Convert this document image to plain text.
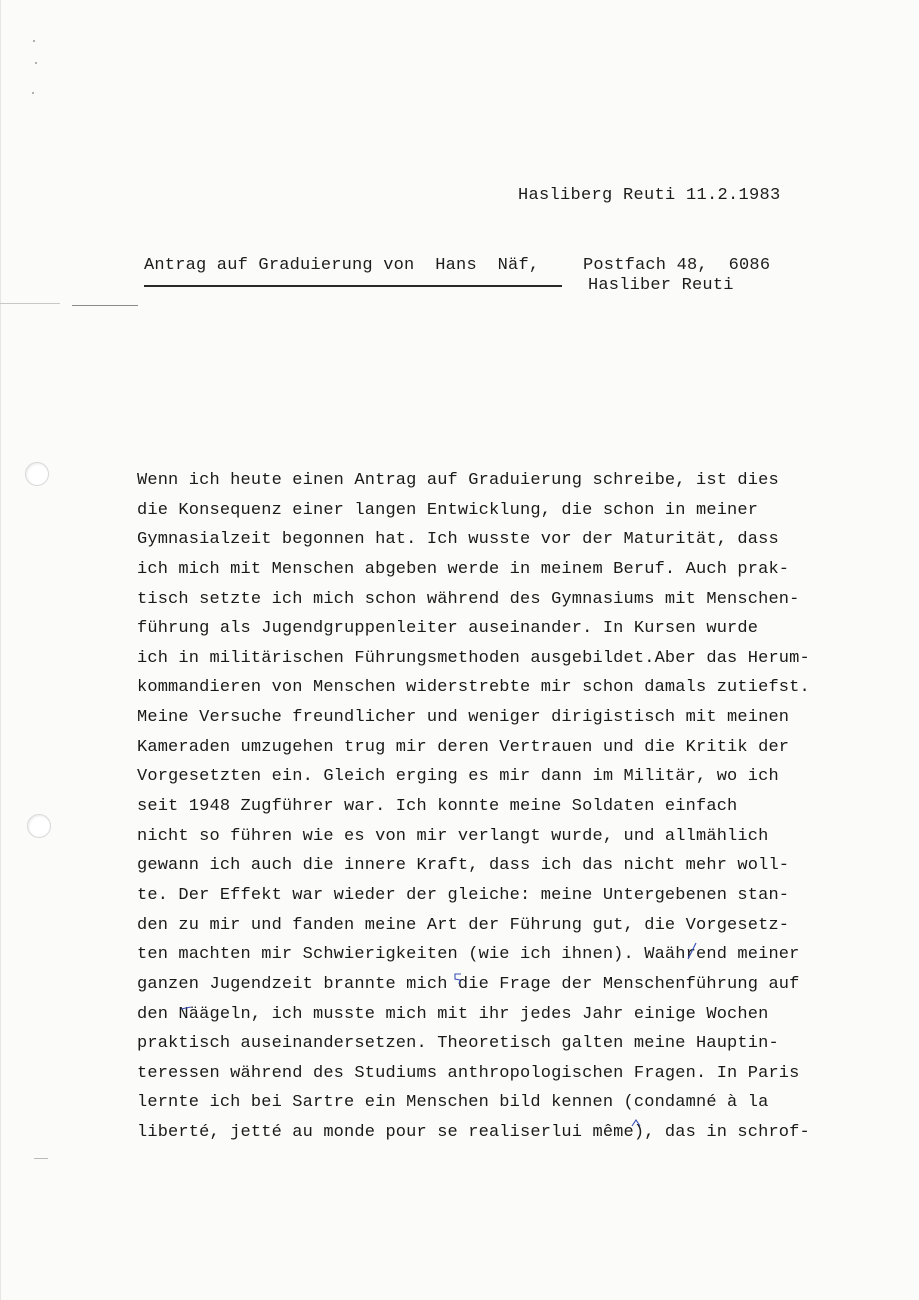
Hasliberg Reuti 11.2.1983
Antrag auf Graduierung von  Hans  Näf,	Postfach 48,  6086
Hasliber Reuti
Wenn ich heute einen Antrag auf Graduierung schreibe, ist dies
die Konsequenz einer langen Entwicklung, die schon in meiner
Gymnasialzeit begonnen hat. Ich wusste vor der Maturität, dass
ich mich mit Menschen abgeben werde in meinem Beruf. Auch prak-
tisch setzte ich mich schon während des Gymnasiums mit Menschen-
führung als Jugendgruppenleiter auseinander. In Kursen wurde
ich in militärischen Führungsmethoden ausgebildet.Aber das Herum-
kommandieren von Menschen widerstrebte mir schon damals zutiefst.
Meine Versuche freundlicher und weniger dirigistisch mit meinen
Kameraden umzugehen trug mir deren Vertrauen und die Kritik der
Vorgesetzten ein. Gleich erging es mir dann im Militär, wo ich
seit 1948 Zugführer war. Ich konnte meine Soldaten einfach
nicht so führen wie es von mir verlangt wurde, und allmählich
gewann ich auch die innere Kraft, dass ich das nicht mehr woll-
te. Der Effekt war wieder der gleiche: meine Untergebenen stan-
den zu mir und fanden meine Art der Führung gut, die Vorgesetz-
ten machten mir Schwierigkeiten (wie ich ihnen). Waährend meiner
ganzen Jugendzeit brannte mich die Frage der Menschenführung auf
den Näägeln, ich musste mich mit ihr jedes Jahr einige Wochen
praktisch auseinandersetzen. Theoretisch galten meine Hauptin-
teressen während des Studiums anthropologischen Fragen. In Paris
lernte ich bei Sartre ein Menschen bild kennen (condamné à la
liberté, jetté au monde pour se realiserlui même), das in schrof-
